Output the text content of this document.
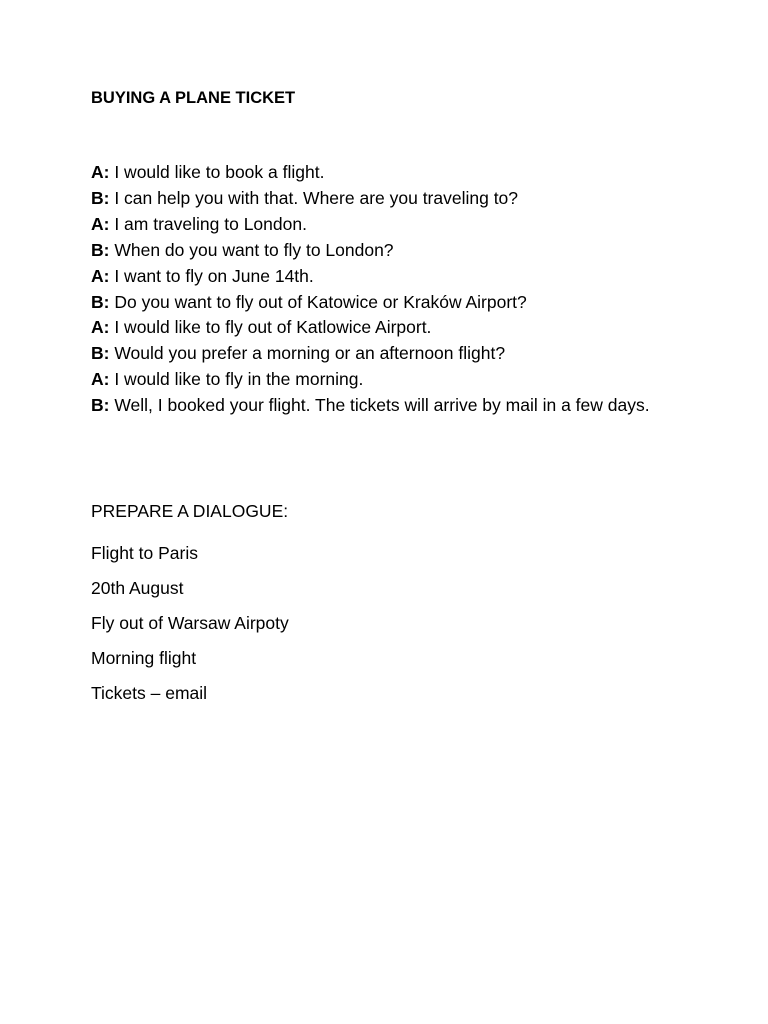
BUYING A PLANE TICKET

A: I would like to book a flight.

B: I can help you with that. Where are you traveling to?

A: I am traveling to London.

B: When do you want to fly to London?

A: I want to fly on June 14th.

B: Do you want to fly out of Katowice or Kraków Airport?

A: I would like to fly out of Katlowice Airport.

B: Would you prefer a morning or an afternoon flight?

A: I would like to fly in the morning.

B: Well, I booked your flight. The tickets will arrive by mail in a few days.

PREPARE A DIALOGUE:

Flight to Paris
20th August
Fly out of Warsaw Airpoty
Morning flight
Tickets – email
